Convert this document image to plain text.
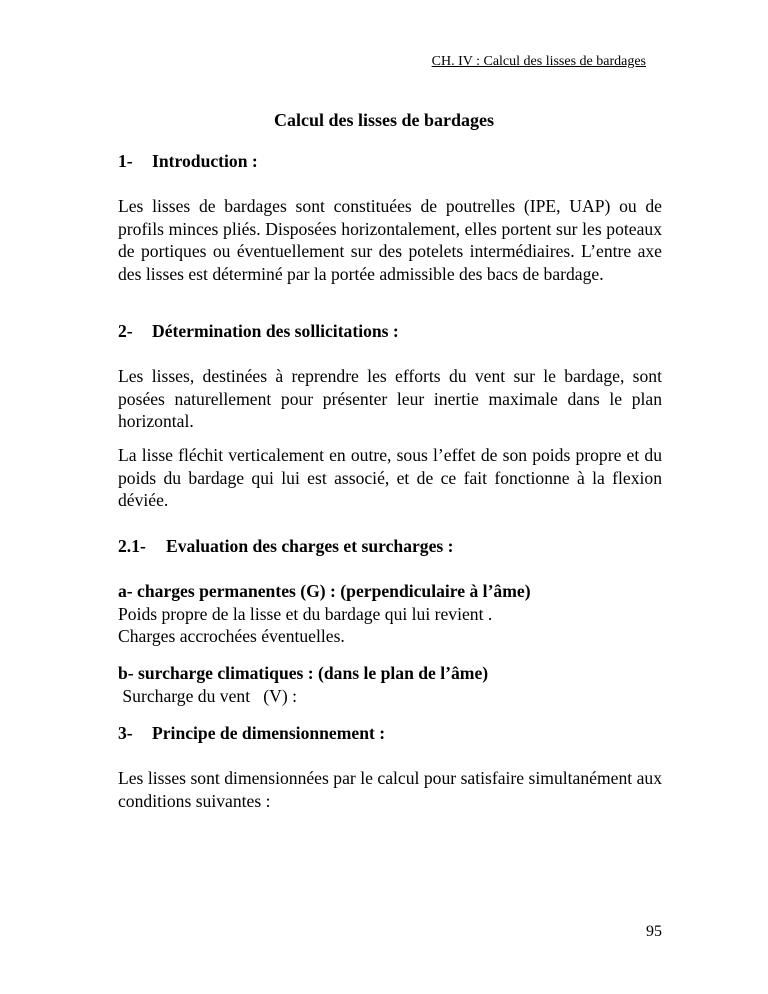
CH. IV : Calcul des lisses de bardages
Calcul des lisses de bardages
1- Introduction :
Les lisses de bardages sont constituées de poutrelles (IPE, UAP) ou de profils minces pliés. Disposées horizontalement, elles portent sur les poteaux de portiques ou éventuellement sur des potelets intermédiaires. L’entre axe des lisses est déterminé par la portée admissible des bacs de bardage.
2- Détermination des sollicitations :
Les lisses, destinées à reprendre les efforts du vent sur le bardage, sont posées naturellement pour présenter leur inertie maximale dans le plan horizontal.
La lisse fléchit verticalement en outre, sous l’effet de son poids propre et du poids du bardage qui lui est associé, et de ce fait fonctionne à la flexion déviée.
2.1- Evaluation des charges et surcharges :
a- charges permanentes (G) : (perpendiculaire à l’âme)
Poids propre de la lisse et du bardage qui lui revient .
Charges accrochées éventuelles.
b- surcharge climatiques : (dans le plan de l’âme)
Surcharge du vent   (V) :
3- Principe de dimensionnement :
Les lisses sont dimensionnées par le calcul pour satisfaire simultanément aux conditions suivantes :
95
